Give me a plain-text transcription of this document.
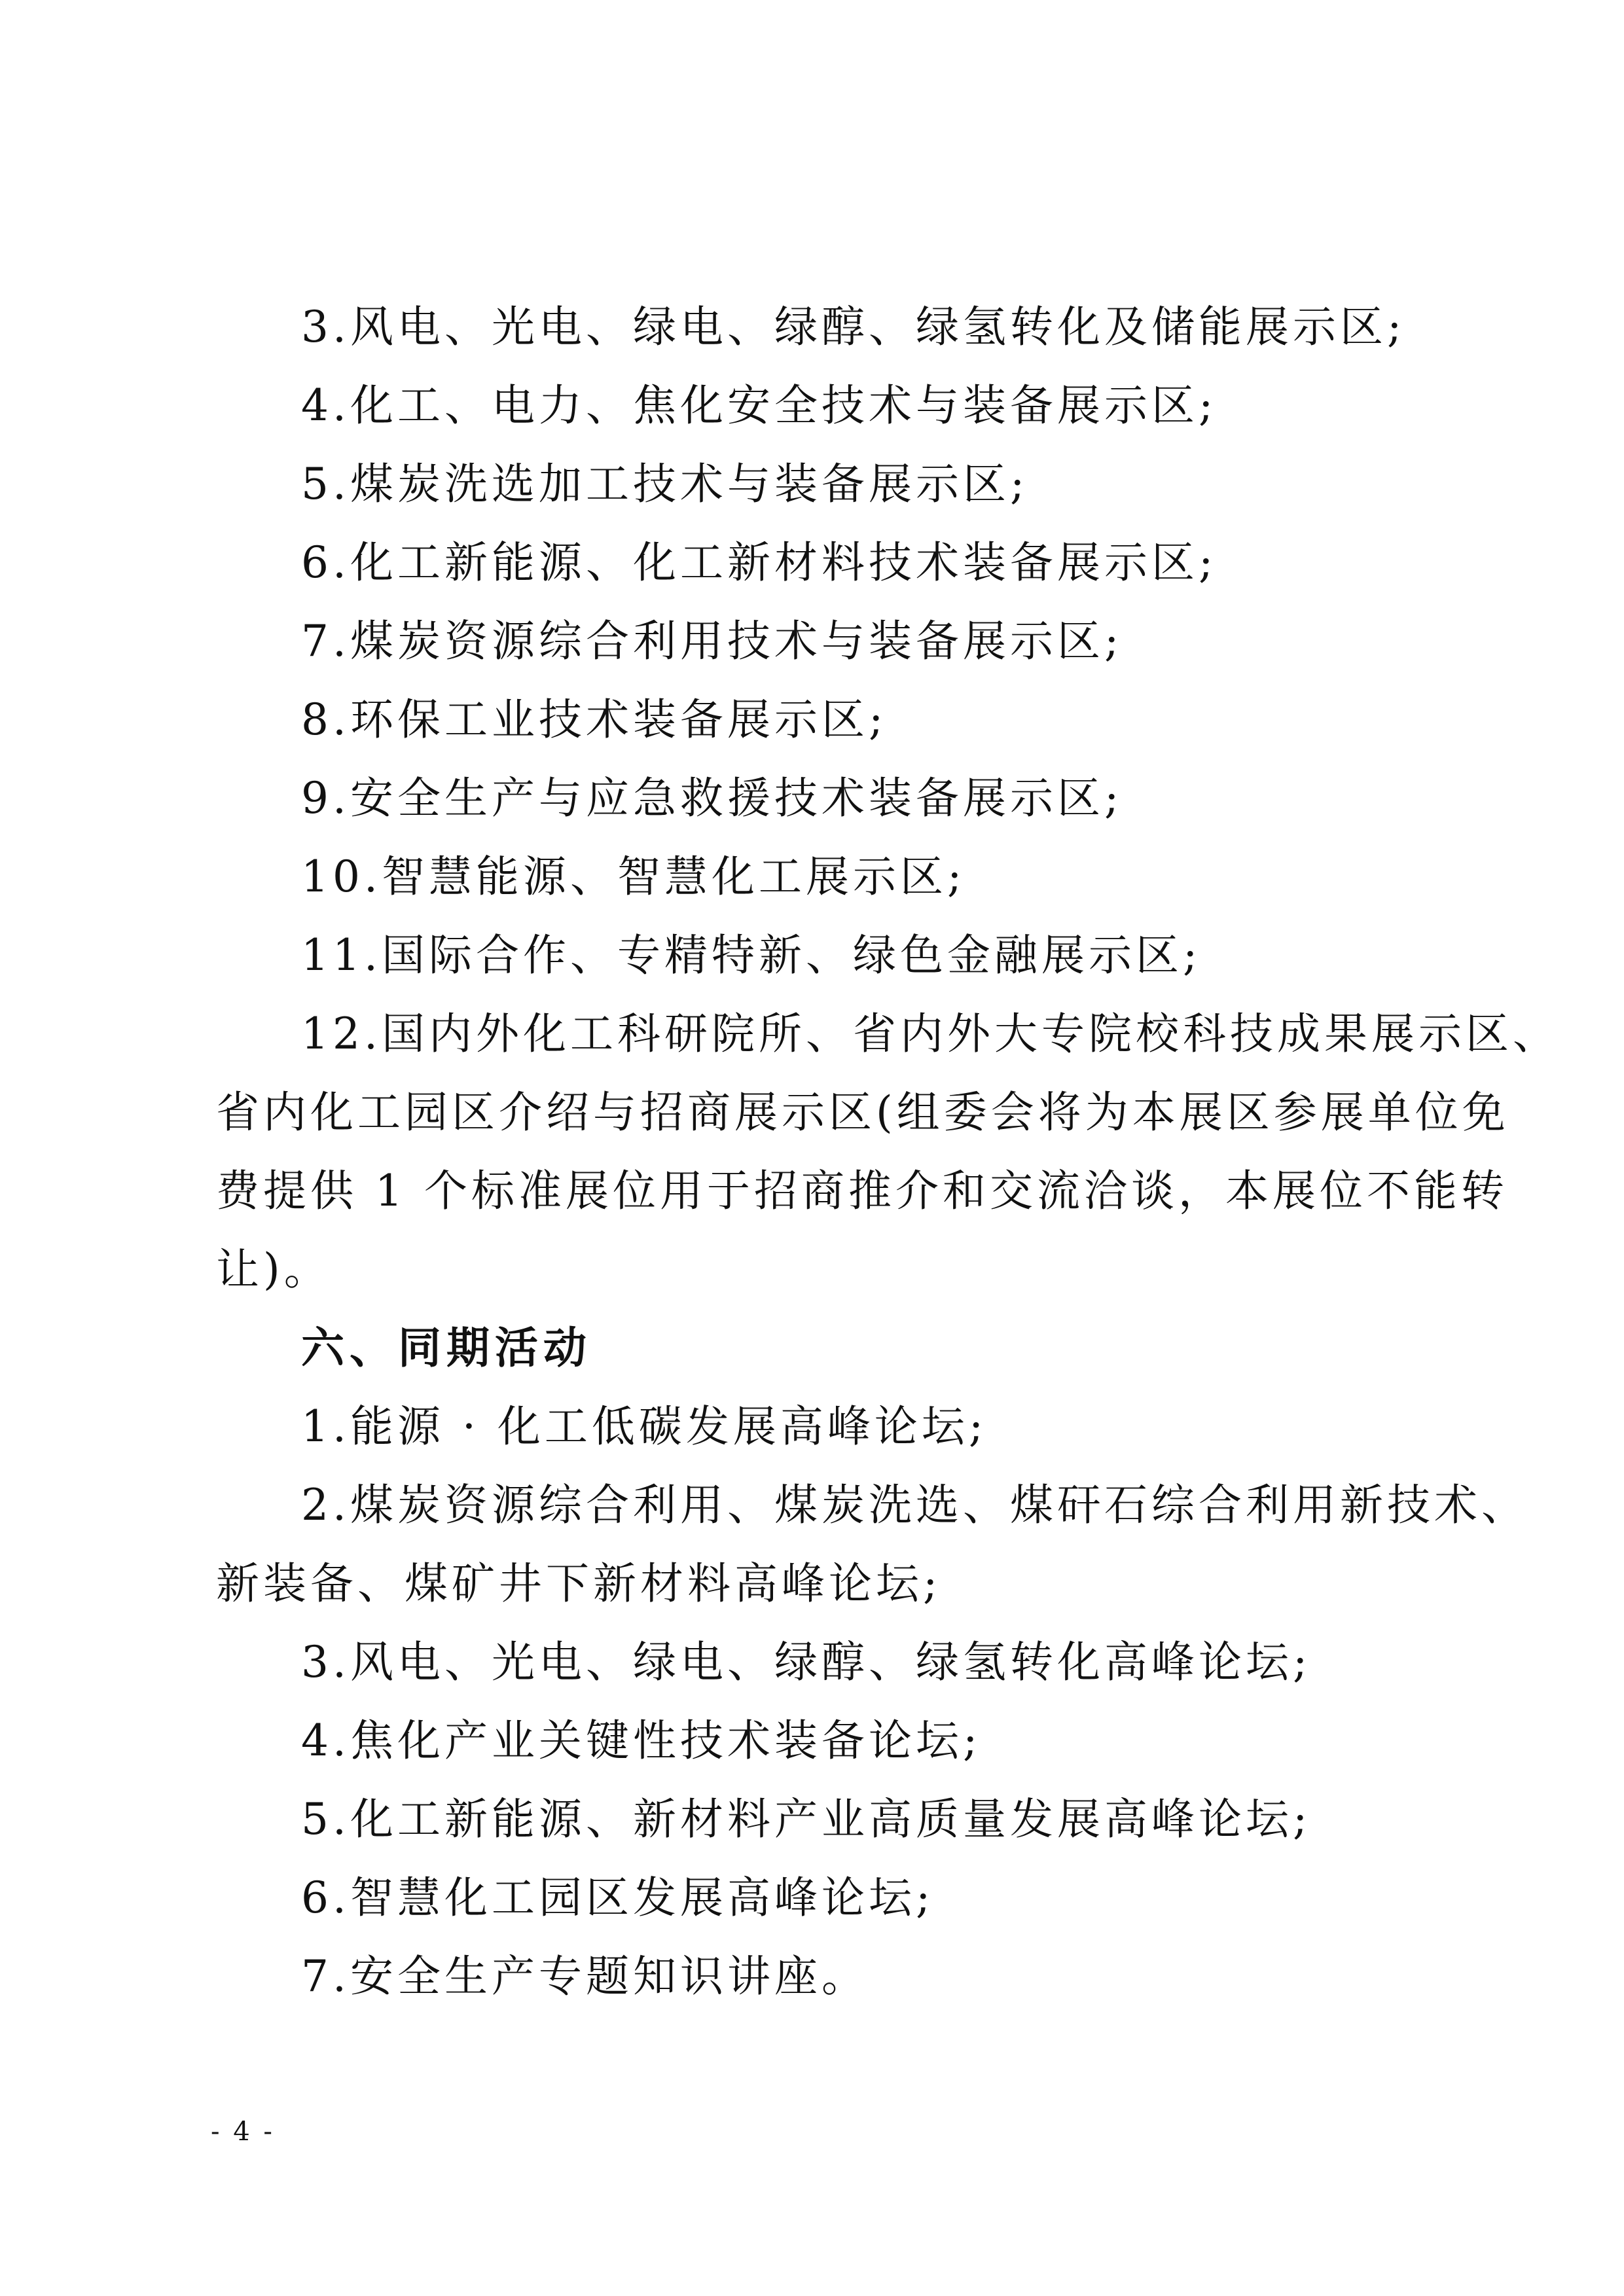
3.风电、光电、绿电、绿醇、绿氢转化及储能展示区;
4.化工、电力、焦化安全技术与装备展示区;
5.煤炭洗选加工技术与装备展示区;
6.化工新能源、化工新材料技术装备展示区;
7.煤炭资源综合利用技术与装备展示区;
8.环保工业技术装备展示区;
9.安全生产与应急救援技术装备展示区;
10.智慧能源、智慧化工展示区;
11.国际合作、专精特新、绿色金融展示区;
12.国内外化工科研院所、省内外大专院校科技成果展示区、
省内化工园区介绍与招商展示区(组委会将为本展区参展单位免
费提供 1 个标准展位用于招商推介和交流洽谈，本展位不能转
让)。
六、同期活动
1.能源 · 化工低碳发展高峰论坛;
2.煤炭资源综合利用、煤炭洗选、煤矸石综合利用新技术、
新装备、煤矿井下新材料高峰论坛;
3.风电、光电、绿电、绿醇、绿氢转化高峰论坛;
4.焦化产业关键性技术装备论坛;
5.化工新能源、新材料产业高质量发展高峰论坛;
6.智慧化工园区发展高峰论坛;
7.安全生产专题知识讲座。
- 4 -
